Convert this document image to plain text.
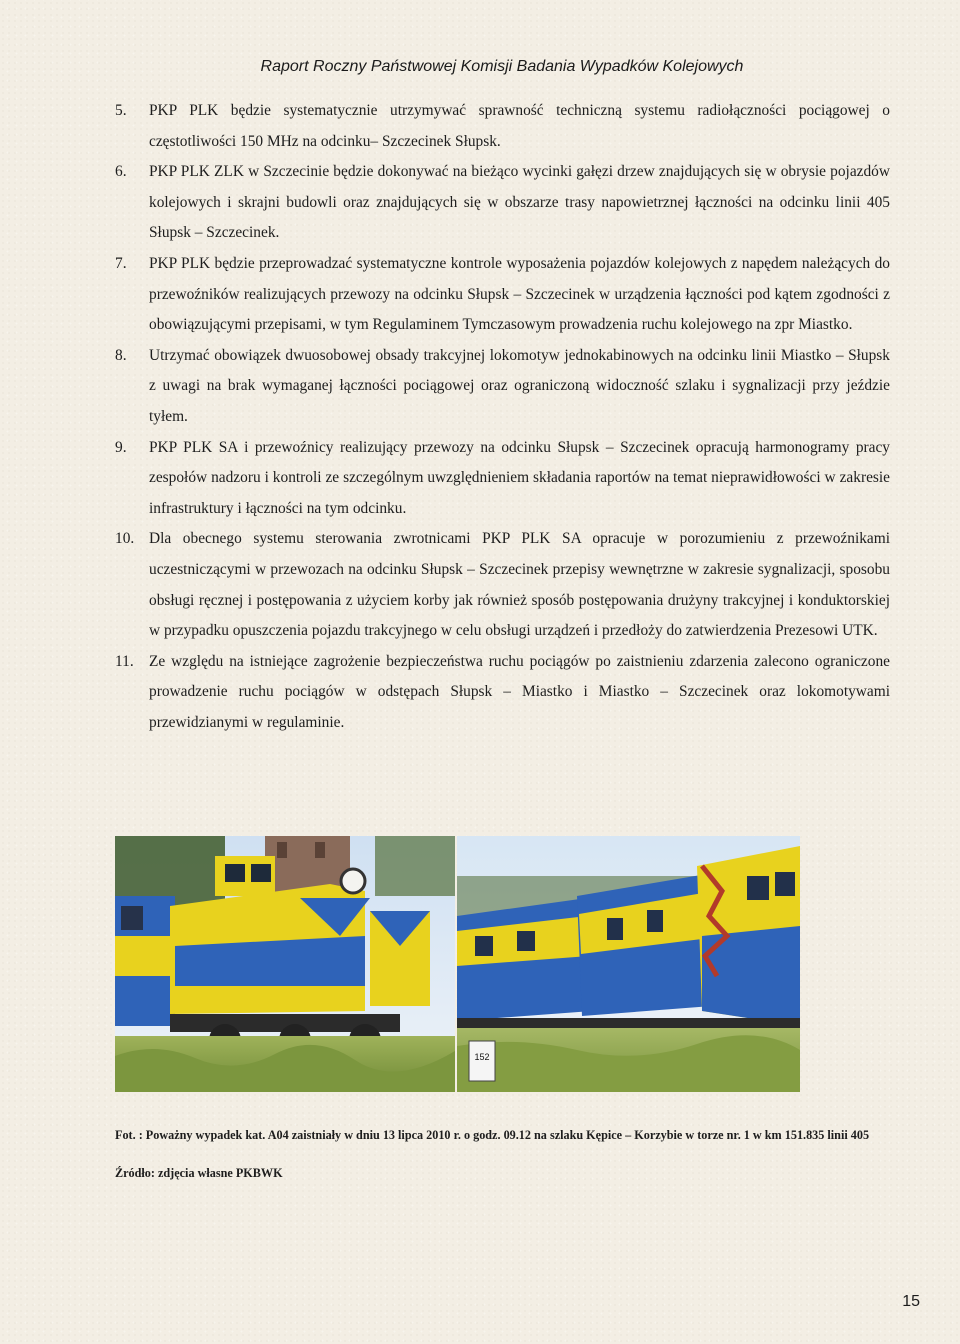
Raport Roczny Państwowej Komisji Badania Wypadków Kolejowych
5. PKP PLK będzie systematycznie utrzymywać sprawność techniczną systemu radiołączności pociągowej o częstotliwości 150 MHz na odcinku– Szczecinek Słupsk.
6. PKP PLK ZLK w Szczecinie będzie dokonywać na bieżąco wycinki gałęzi drzew znajdujących się w obrysie pojazdów kolejowych i skrajni budowli oraz znajdujących się w obszarze trasy napowietrznej łączności na odcinku linii 405 Słupsk – Szczecinek.
7. PKP PLK będzie przeprowadzać systematyczne kontrole wyposażenia pojazdów kolejowych z napędem należących do przewoźników realizujących przewozy na odcinku Słupsk – Szczecinek w urządzenia łączności pod kątem zgodności z obowiązującymi przepisami, w tym Regulaminem Tymczasowym prowadzenia ruchu kolejowego na zpr Miastko.
8. Utrzymać obowiązek dwuosobowej obsady trakcyjnej lokomotyw jednokabinowych na odcinku linii Miastko – Słupsk z uwagi na brak wymaganej łączności pociągowej oraz ograniczoną widoczność szlaku i sygnalizacji przy jeździe tyłem.
9. PKP PLK SA i przewoźnicy realizujący przewozy na odcinku Słupsk – Szczecinek opracują harmonogramy pracy zespołów nadzoru i kontroli ze szczególnym uwzględnieniem składania raportów na temat nieprawidłowości w zakresie infrastruktury i łączności na tym odcinku.
10. Dla obecnego systemu sterowania zwrotnicami PKP PLK SA opracuje w porozumieniu z przewoźnikami uczestniczącymi w przewozach na odcinku Słupsk – Szczecinek przepisy wewnętrzne w zakresie sygnalizacji, sposobu obsługi ręcznej i postępowania z użyciem korby jak również sposób postępowania drużyny trakcyjnej i konduktorskiej w przypadku opuszczenia pojazdu trakcyjnego w celu obsługi urządzeń i przedłoży do zatwierdzenia Prezesowi UTK.
11. Ze względu na istniejące zagrożenie bezpieczeństwa ruchu pociągów po zaistnieniu zdarzenia zalecono ograniczone prowadzenie ruchu pociągów w odstępach Słupsk – Miastko i Miastko – Szczecinek oraz lokomotywami przewidzianymi w regulaminie.
152
Fot. : Poważny wypadek kat. A04 zaistniały w dniu 13 lipca 2010 r. o godz. 09.12 na szlaku Kępice – Korzybie w torze nr. 1 w km 151.835 linii 405
Źródło: zdjęcia własne PKBWK
15
